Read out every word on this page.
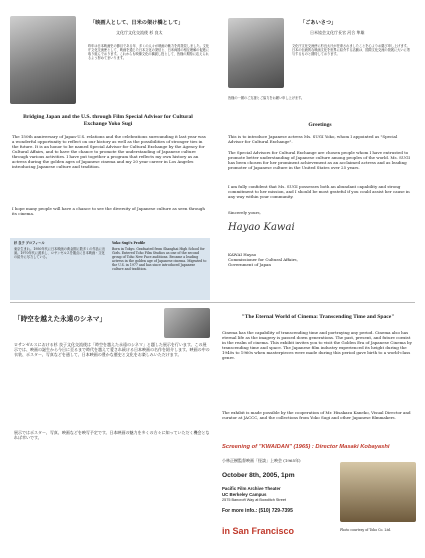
「映画人として、日米の架け橋として」
文化庁文化交流使 杉 良太
昨年は日本映画史の節目である年、多くの人々が映画の魅力を再発見しました。文化庁文化交流使として、映画を通じた日本文化の発信と、日米両国の相互理解の促進に取り組んでおります。これからも映像文化の橋渡し役として、皆様の期待に応えられるよう努めてまいります。
「ごあいさつ」
日米協会文化庁長官 河合 隼雄
文化庁文化交流使に杉良太氏が任命されましたことを心よりお慶び申し上げます。日本の伝統的な映画文化を世界に紹介する活動は、国際文化交流の発展に大いに寄与するものと期待しております。
皆様の一層のご支援とご協力をお願い申し上げます。
Bridging Japan and the U.S. through Film Special Advisor for Cultural Exchange Yoko Sugi
The 150th anniversary of Japan-U.S. relations and the celebrations surrounding it last year was a wonderful opportunity to reflect on our history as well as the possibilities of stronger ties in the future. It is an honor to be named Special Advisor for Cultural Exchange by the Agency for Cultural Affairs, and to have the chance to promote the understanding of Japanese culture through various activities. I have put together a program that reflects my own history as an actress during the golden ages of Japanese cinema and my 20 year career in Los Angeles introducing Japanese culture and tradition.
I hope many people will have a chance to see the diversity of Japanese culture as seen through its cinema.
杉 良子 プロフィール
東京生まれ。1950年代に日本映画の黄金期に数多くの作品に出演。1970年代に渡米し、ロサンゼルスを拠点に日本映画・文化の紹介に尽力している。
Yoko Sugi's Profile
Born in Tokyo. Graduated from Shanghai High School for Girls. Entered Toho Film Studios as one of the second group of Toho New Face auditions. Became a leading actress in the golden age of Japanese cinema. Migrated to the U.S. in 1977 and has since introduced Japanese culture and tradition.
Greetings
This is to introduce Japanese actress Ms. SUGI Yoko, whom I appointed as "Special Advisor for Cultural Exchange".
The Special Advisors for Cultural Exchange are chosen people whom I have entrusted to promote better understanding of Japanese culture among peoples of the world. Ms. SUGI has been chosen for her prominent achievement as an acclaimed actress and as leading promoter of Japanese culture in the United States over 25 years.
I am fully confident that Ms. SUGI possesses both an abundant capability and strong commitment to her mission, and I should be most grateful if you could assist her cause in any way within your community.
Sincerely yours,
Hayao Kawai
KAWAI Hayao
Commissioner for Cultural Affairs,
Government of Japan
「時空を越えた永遠のシネマ」
ロサンゼルスにおける杉 良子文化交流使は「時空を越えた永遠のシネマ」と題した展示を行います。この展示では、映画の誕生から今日に至るまで時代を越えて愛され続ける日本映画の名作を紹介します。映画の中の衣装、ポスター、写真などを通して、日本映画の豊かな歴史と文化をお楽しみいただけます。
展示ではポスター、写真、映画などを映写予定です。日本映画の魅力を多くの方々に知っていただく機会となれば幸いです。
"The Eternal World of Cinema: Transcending Time and Space"
Cinema has the capability of transcending time and portraying any period. Cinema also has eternal life as the imagery is passed down generations. The past, present, and future coexist in the realm of cinema. This exhibit invites you to visit the Golden Era of Japanese Cinema by transcending time and space. The Japanese film industry experienced its height during the 1940s to 1960s when masterpieces were made during this period gave birth to a world-class genre.
The exhibit is made possible by the cooperation of Mr. Hisakazu Kaneko, Visual Director and curator at JACCC, and the collections from Yoko Sugi and other Japanese filmmakers.
Screening of "KWAIDAN" (1965) : Director Masaki Kobayashi
小林正樹監督映画「怪談」上映会 (1965年)
October 8th, 2005, 1pm
Pacific Film Archive Theater
UC Berkeley Campus
2575 Bancroft Way at Bowditch Street
For more info.: (510) 729-7395
in San Francisco	Photo courtesy of Toho Co. Ltd.
